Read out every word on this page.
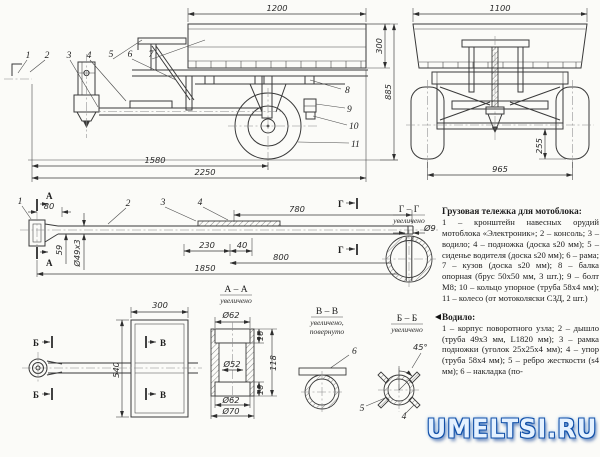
1200
1 2 3 4 5 6 7
8
9
10
11
300
885
1580
2250
1100
255
965
А
А
Г
Г
80
59 Ø49x3	230	40
800
1850
780
1	2	3	4
Г – Г
увеличено
Ø9
300
540
Б
Б
В
В
А – А
увеличено
Ø62
Ø52
16
118
16
Ø62
Ø70
В – В
увеличено,
повернуто
6
Б – Б
увеличено
45°
5
4
Грузовая тележка для мотоблока:
1 – кронштейн навесных орудий мотоблока «Электроник»; 2 – консоль; 3 – водило; 4 – подножка (доска s20 мм); 5 – сиденье водителя (доска s20 мм); 6 – рама; 7 – кузов (доска s20 мм); 8 – балка опорная (брус 50x50 мм, 3 шт.); 9 – болт М8; 10 – кольцо упорное (труба 58x4 мм); 11 – колесо (от мотоколяски СЗД, 2 шт.)
Водило:
1 – корпус поворотного узла; 2 – дышло (труба 49x3 мм, L1820 мм); 3 – рамка подножки (уголок 25x25x4 мм); 4 – упор (труба 58x4 мм); 5 – ребро жесткости (s4 мм); 6 – накладка (по-
UMELTSI.RU
